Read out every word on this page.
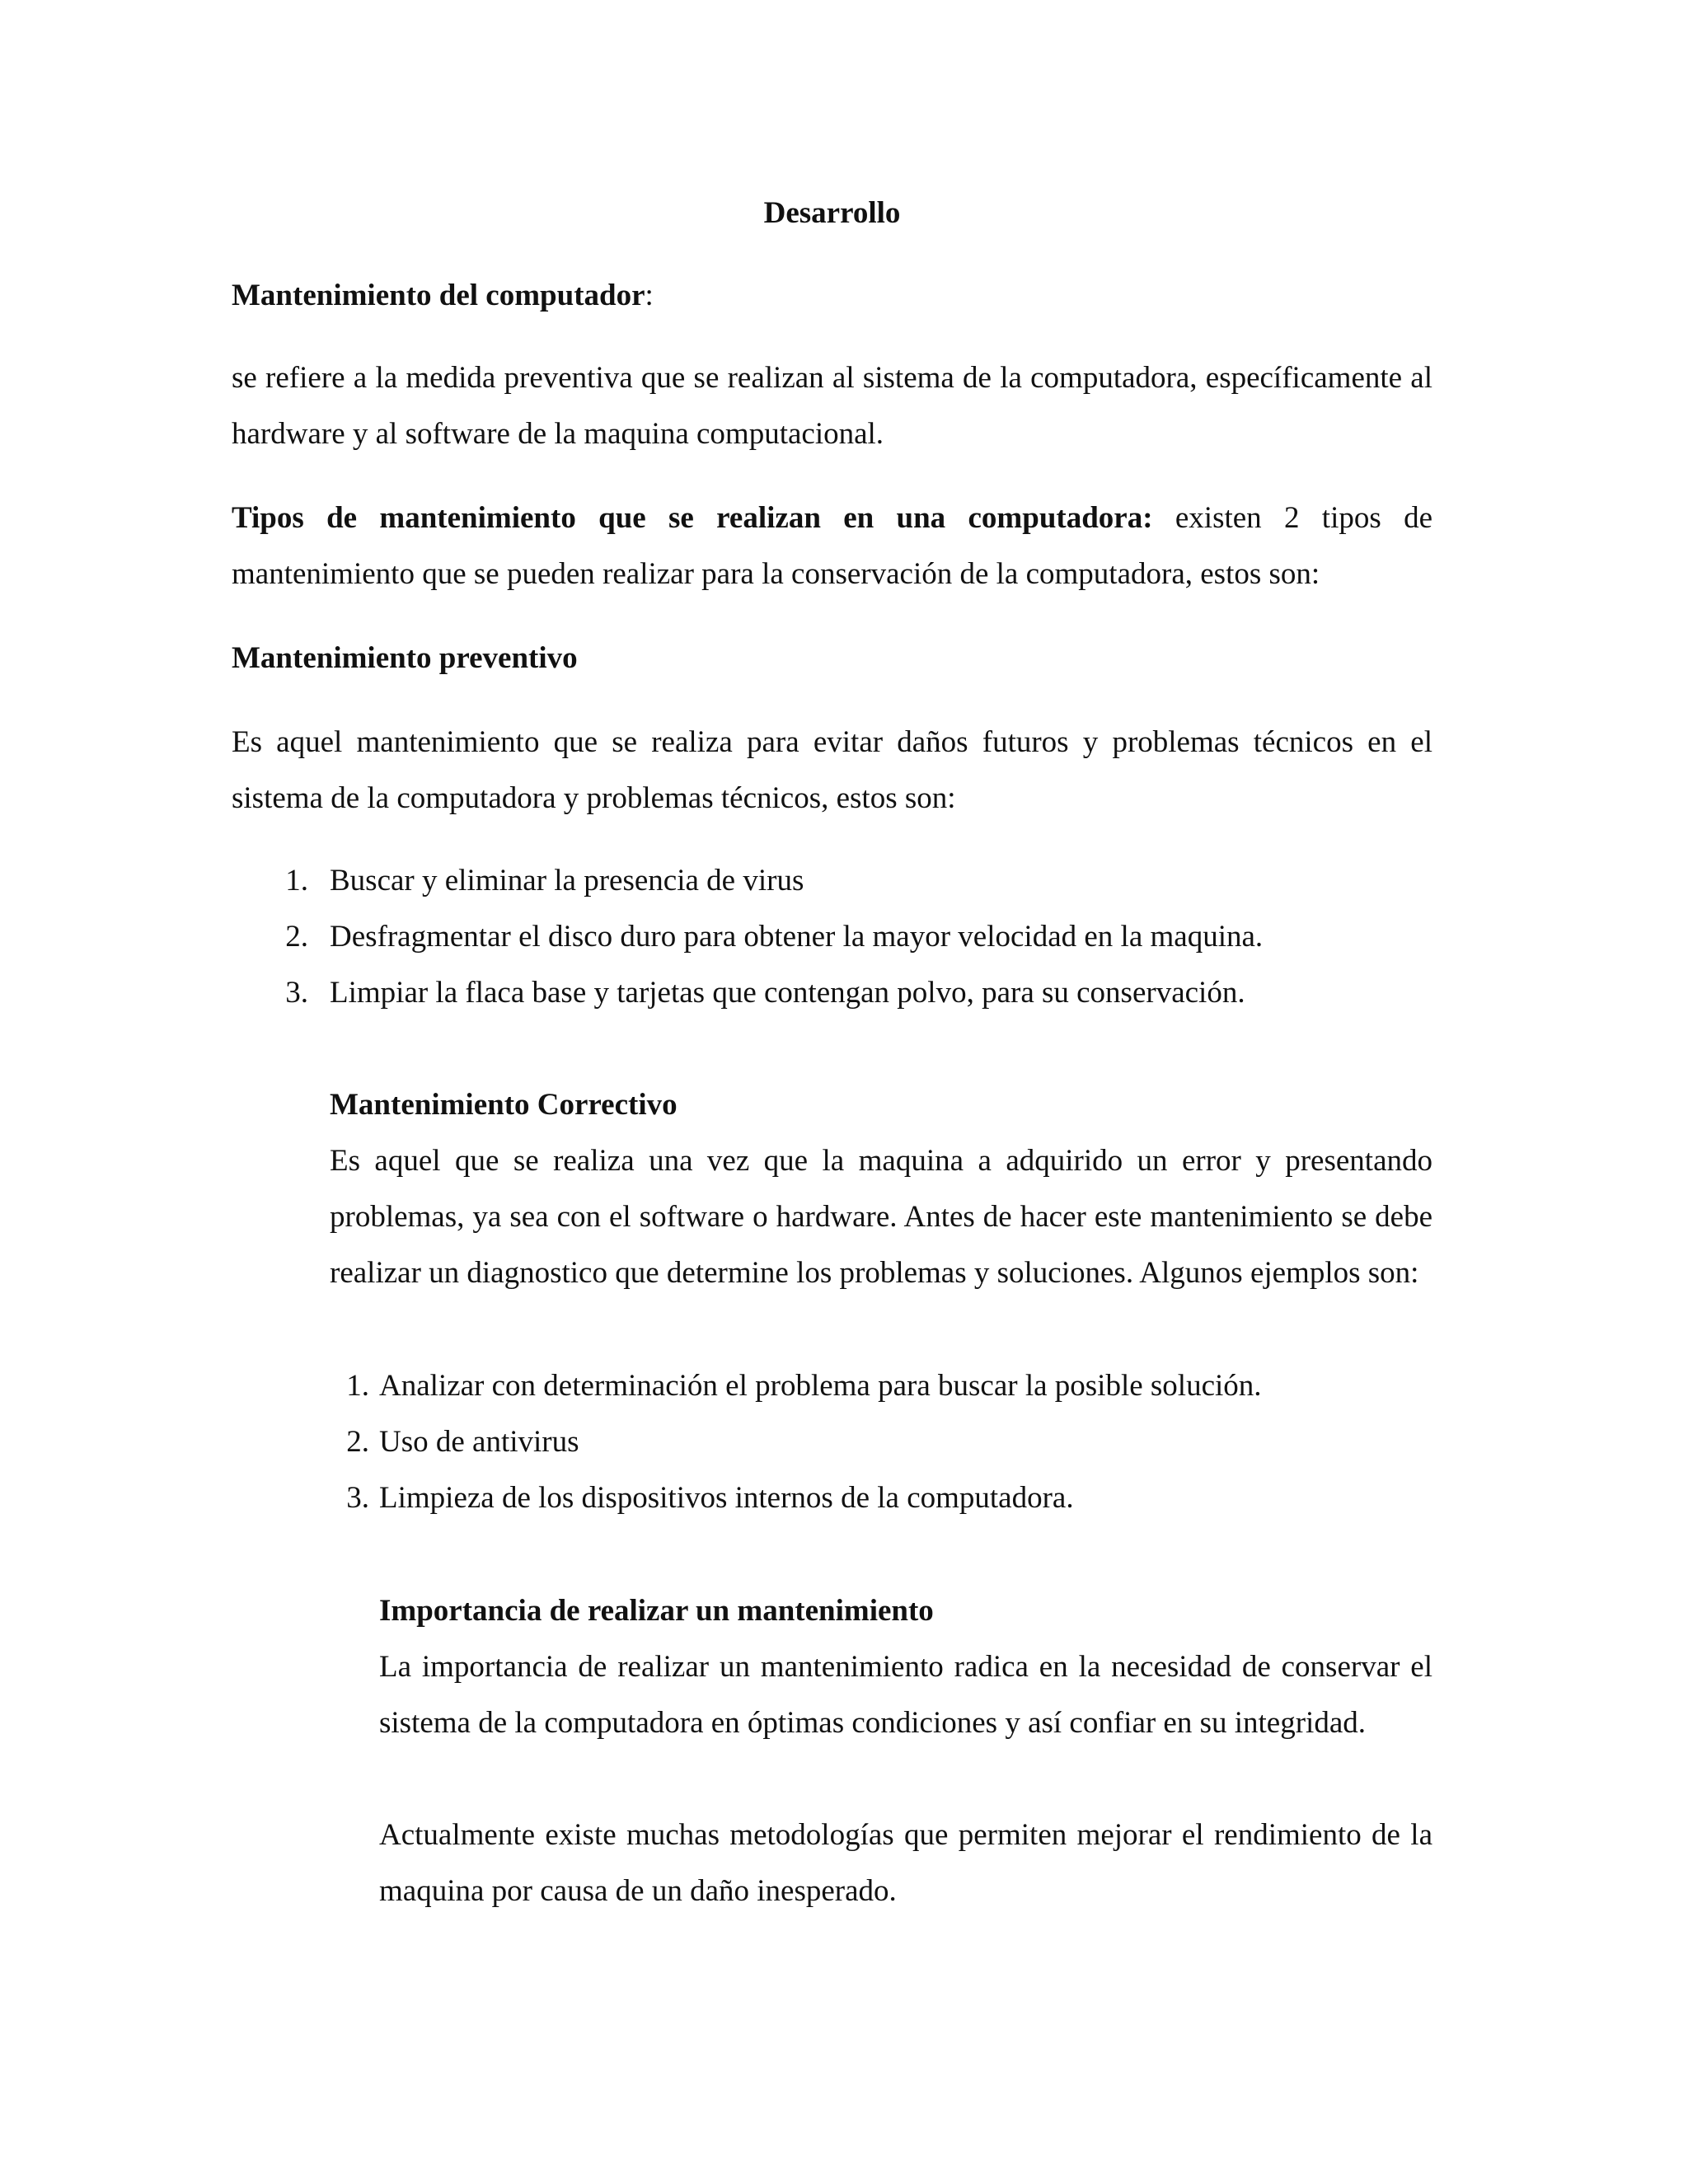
Desarrollo

Mantenimiento del computador:

se refiere a la medida preventiva que se realizan al sistema de la computadora, específicamente al hardware y al software de la maquina computacional.

Tipos de mantenimiento que se realizan en una computadora: existen 2 tipos de mantenimiento que se pueden realizar para la conservación de la computadora, estos son:

Mantenimiento preventivo

Es aquel mantenimiento que se realiza para evitar daños futuros y problemas técnicos en el sistema de la computadora y problemas técnicos, estos son:

1. Buscar y eliminar la presencia de virus
2. Desfragmentar el disco duro para obtener la mayor velocidad en la maquina.
3. Limpiar la flaca base y tarjetas que contengan polvo, para su conservación.

Mantenimiento Correctivo

Es aquel que se realiza una vez que la maquina a adquirido un error y presentando problemas, ya sea con el software o hardware. Antes de hacer este mantenimiento se debe realizar un diagnostico que determine los problemas y soluciones. Algunos ejemplos son:

1. Analizar con determinación el problema para buscar la posible solución.
2. Uso de antivirus
3. Limpieza de los dispositivos internos de la computadora.

Importancia de realizar un mantenimiento

La importancia de realizar un mantenimiento radica en la necesidad de conservar el sistema de la computadora en óptimas condiciones y así confiar en su integridad.

Actualmente existe muchas metodologías que permiten mejorar el rendimiento de la maquina por causa de un daño inesperado.
